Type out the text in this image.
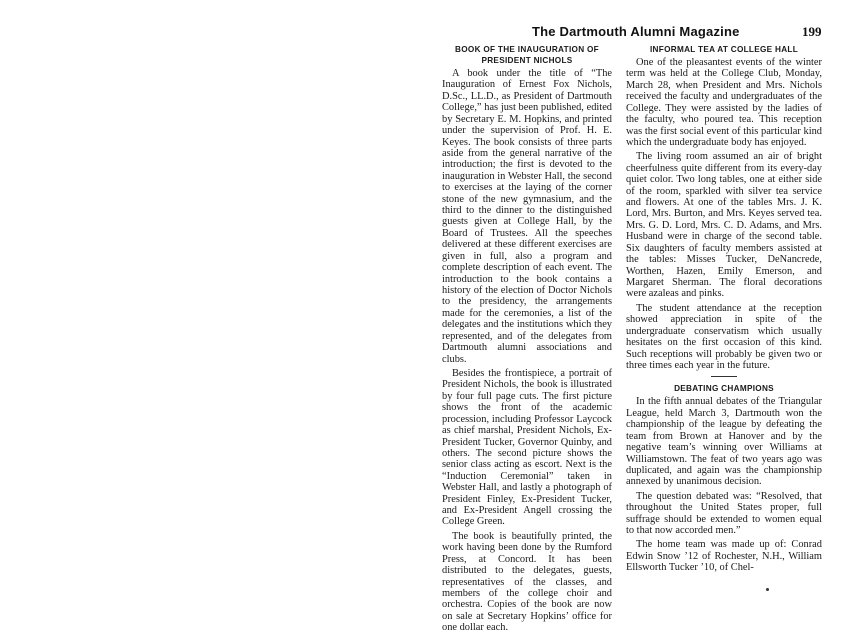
The Dartmouth Alumni Magazine	199
BOOK OF THE INAUGURATION OF PRESIDENT NICHOLS

A book under the title of “The Inauguration of Ernest Fox Nichols, D.Sc., LL.D., as President of Dartmouth College,” has just been published, edited by Secretary E. M. Hopkins, and printed under the supervision of Prof. H. E. Keyes. The book consists of three parts aside from the general narrative of the introduction; the first is devoted to the inauguration in Webster Hall, the second to exercises at the laying of the corner stone of the new gymnasium, and the third to the dinner to the distinguished guests given at College Hall, by the Board of Trustees. All the speeches delivered at these different exercises are given in full, also a program and complete description of each event. The introduction to the book contains a history of the election of Doctor Nichols to the presidency, the arrangements made for the ceremonies, a list of the delegates and the institutions which they represented, and of the delegates from Dartmouth alumni associations and clubs.

Besides the frontispiece, a portrait of President Nichols, the book is illustrated by four full page cuts. The first picture shows the front of the academic procession, including Professor Laycock as chief marshal, President Nichols, Ex-President Tucker, Governor Quinby, and others. The second picture shows the senior class acting as escort. Next is the “Induction Ceremonial” taken in Webster Hall, and lastly a photograph of President Finley, Ex-President Tucker, and Ex-President Angell crossing the College Green.

The book is beautifully printed, the work having been done by the Rumford Press, at Concord. It has been distributed to the delegates, guests, representatives of the classes, and members of the college choir and orchestra. Copies of the book are now on sale at Secretary Hopkins’ office for one dollar each.

INFORMAL TEA AT COLLEGE HALL

One of the pleasantest events of the winter term was held at the College Club, Monday, March 28, when President and Mrs. Nichols received the faculty and undergraduates of the College. They were assisted by the ladies of the faculty, who poured tea. This reception was the first social event of this particular kind which the undergraduate body has enjoyed.

The living room assumed an air of bright cheerfulness quite different from its every-day quiet color. Two long tables, one at either side of the room, sparkled with silver tea service and flowers. At one of the tables Mrs. J. K. Lord, Mrs. Burton, and Mrs. Keyes served tea. Mrs. G. D. Lord, Mrs. C. D. Adams, and Mrs. Husband were in charge of the second table. Six daughters of faculty members assisted at the tables: Misses Tucker, DeNancrede, Worthen, Hazen, Emily Emerson, and Margaret Sherman. The floral decorations were azaleas and pinks.

The student attendance at the reception showed appreciation in spite of the undergraduate conservatism which usually hesitates on the first occasion of this kind. Such receptions will probably be given two or three times each year in the future.

DEBATING CHAMPIONS

In the fifth annual debates of the Triangular League, held March 3, Dartmouth won the championship of the league by defeating the team from Brown at Hanover and by the negative team’s winning over Williams at Williamstown. The feat of two years ago was duplicated, and again was the championship annexed by unanimous decision.

The question debated was: “Resolved, that throughout the United States proper, full suffrage should be extended to women equal to that now accorded men.”

The home team was made up of: Conrad Edwin Snow ’12 of Rochester, N.H., William Ellsworth Tucker ’10, of Chel-
